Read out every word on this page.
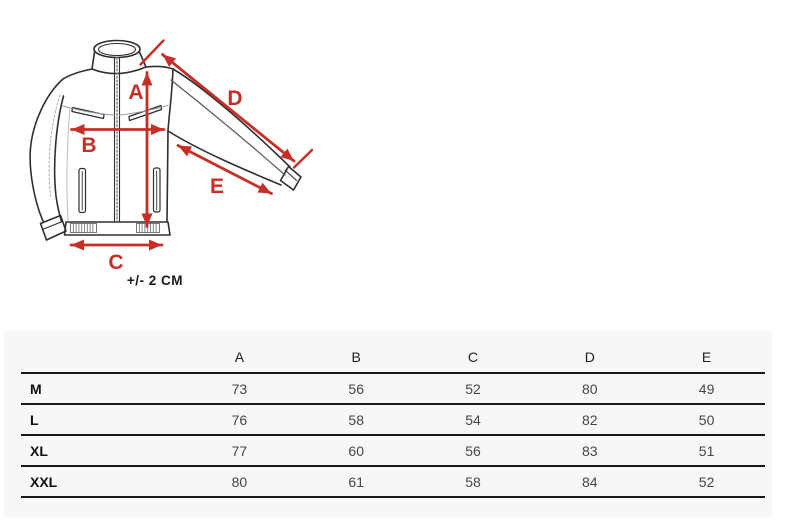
A
B
C
D
E
+/- 2 CM
	A	B	C	D	E
M	73	56	52	80	49
L	76	58	54	82	50
XL	77	60	56	83	51
XXL	80	61	58	84	52
